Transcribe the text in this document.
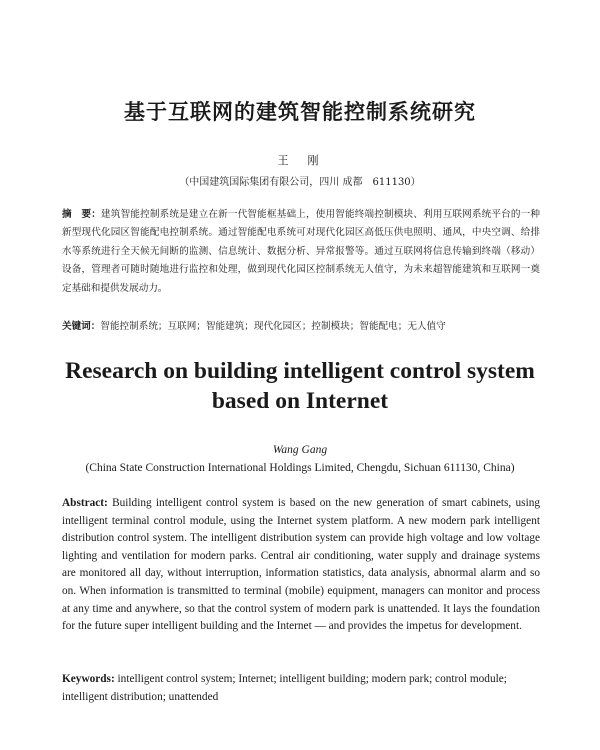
基于互联网的建筑智能控制系统研究
王　刚
（中国建筑国际集团有限公司，四川 成都　611130）

摘　要：建筑智能控制系统是建立在新一代智能框基础上，使用智能终端控制模块、利用互联网系统平台的一种新型现代化园区智能配电控制系统。通过智能配电系统可对现代化园区高低压供电照明、通风，中央空调、给排水等系统进行全天候无间断的监测、信息统计、数据分析、异常报警等。通过互联网将信息传输到终端（移动）设备，管理者可随时随地进行监控和处理，做到现代化园区控制系统无人值守，为未来超智能建筑和互联网一奠定基础和提供发展动力。

关键词：智能控制系统；互联网；智能建筑；现代化园区；控制模块；智能配电；无人值守

Research on building intelligent control system
based on Internet
Wang Gang
(China State Construction International Holdings Limited, Chengdu, Sichuan 611130, China)

Abstract: Building intelligent control system is based on the new generation of smart cabinets, using intelligent terminal control module, using the Internet system platform. A new modern park intelligent distribution control system. The intelligent distribution system can provide high voltage and low voltage lighting and ventilation for modern parks. Central air conditioning, water supply and drainage systems are monitored all day, without interruption, information statistics, data analysis, abnormal alarm and so on. When information is transmitted to terminal (mobile) equipment, managers can monitor and process at any time and anywhere, so that the control system of modern park is unattended. It lays the foundation for the future super intelligent building and the Internet — and provides the impetus for development.

Keywords: intelligent control system; Internet; intelligent building; modern park; control module; intelligent distribution; unattended
